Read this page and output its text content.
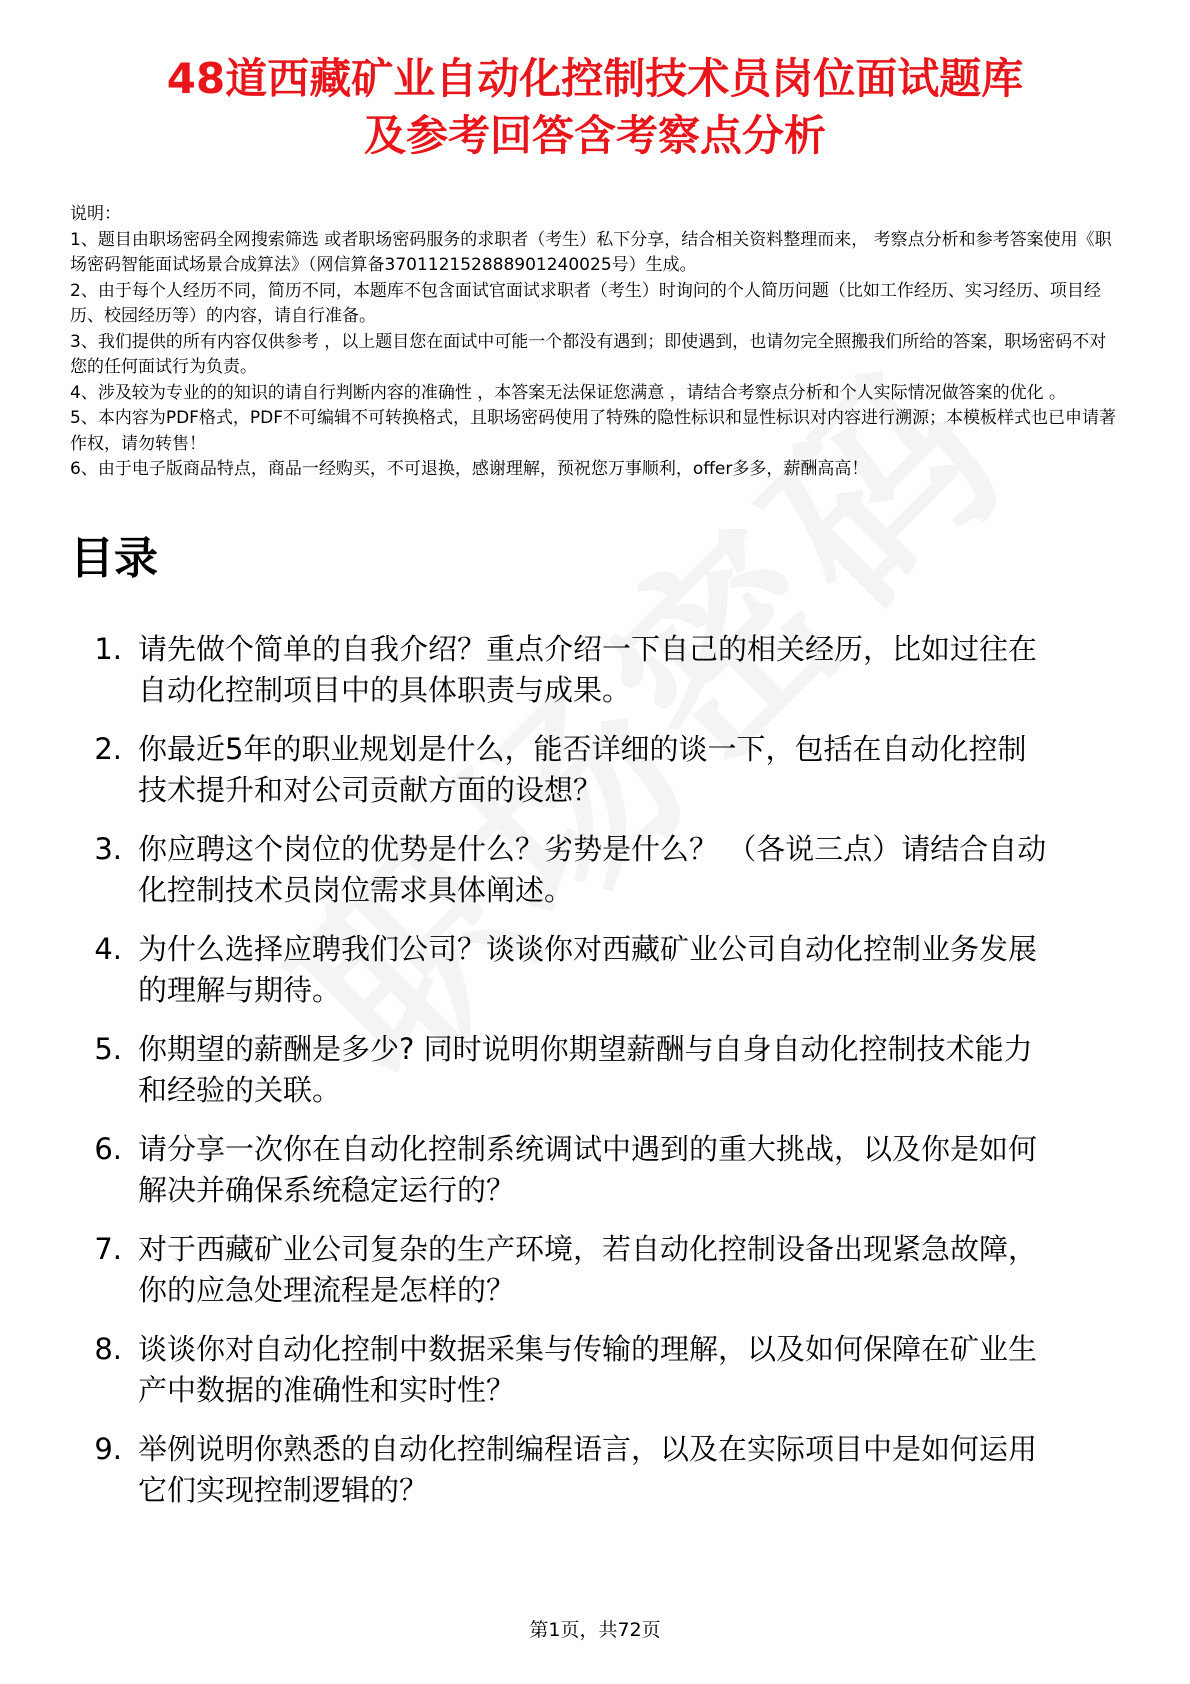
48道西藏矿业自动化控制技术员岗位面试题库
及参考回答含考察点分析
说明：
1、题目由职场密码全网搜索筛选 或者职场密码服务的求职者（考生）私下分享，结合相关资料整理而来， 考察点分析和参考答案使用《职场密码智能面试场景合成算法》（网信算备370112152888901240025号）生成。
2、由于每个人经历不同，简历不同，本题库不包含面试官面试求职者（考生）时询问的个人简历问题（比如工作经历、实习经历、项目经历、校园经历等）的内容，请自行准备。
3、我们提供的所有内容仅供参考 ，以上题目您在面试中可能一个都没有遇到；即使遇到，也请勿完全照搬我们所给的答案，职场密码不对您的任何面试行为负责。
4、涉及较为专业的的知识的请自行判断内容的准确性 ，本答案无法保证您满意 ，请结合考察点分析和个人实际情况做答案的优化 。
5、本内容为PDF格式，PDF不可编辑不可转换格式，且职场密码使用了特殊的隐性标识和显性标识对内容进行溯源；本模板样式也已申请著作权，请勿转售！
6、由于电子版商品特点，商品一经购买，不可退换，感谢理解，预祝您万事顺利，offer多多，薪酬高高！
目录
1. 请先做个简单的自我介绍？重点介绍一下自己的相关经历，比如过往在自动化控制项目中的具体职责与成果。
2. 你最近5年的职业规划是什么，能否详细的谈一下，包括在自动化控制技术提升和对公司贡献方面的设想？
3. 你应聘这个岗位的优势是什么？劣势是什么？ （各说三点）请结合自动化控制技术员岗位需求具体阐述。
4. 为什么选择应聘我们公司？谈谈你对西藏矿业公司自动化控制业务发展的理解与期待。
5. 你期望的薪酬是多少? 同时说明你期望薪酬与自身自动化控制技术能力和经验的关联。
6. 请分享一次你在自动化控制系统调试中遇到的重大挑战，以及你是如何解决并确保系统稳定运行的？
7. 对于西藏矿业公司复杂的生产环境，若自动化控制设备出现紧急故障，你的应急处理流程是怎样的？
8. 谈谈你对自动化控制中数据采集与传输的理解，以及如何保障在矿业生产中数据的准确性和实时性？
9. 举例说明你熟悉的自动化控制编程语言，以及在实际项目中是如何运用它们实现控制逻辑的？
第1页，共72页
